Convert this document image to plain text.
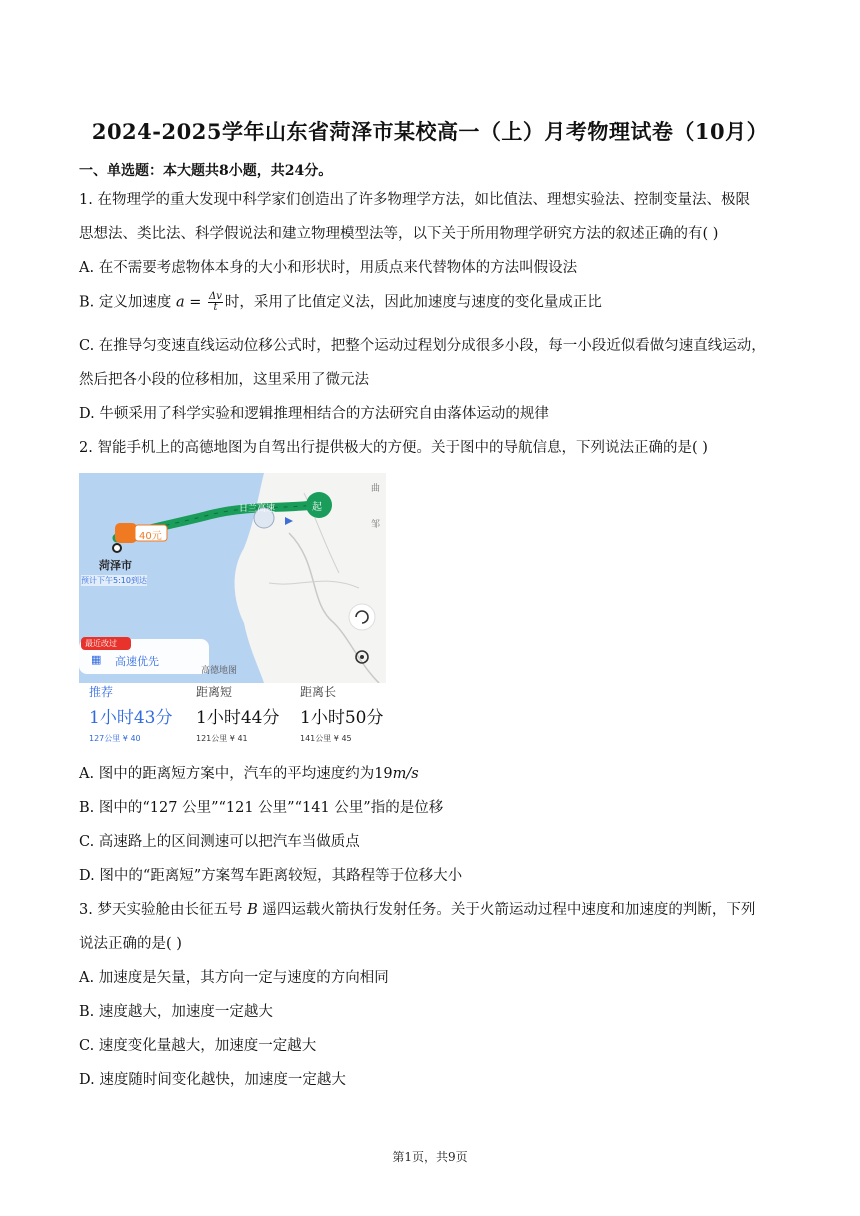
2024-2025学年山东省菏泽市某校高一（上）月考物理试卷（10月）
一、单选题：本大题共8小题，共24分。
1. 在物理学的重大发现中科学家们创造出了许多物理学方法，如比值法、理想实验法、控制变量法、极限
思想法、类比法、科学假说法和建立物理模型法等，以下关于所用物理学研究方法的叙述正确的有( )
A. 在不需要考虑物体本身的大小和形状时，用质点来代替物体的方法叫假设法
B. 定义加速度 $a = \frac{\Delta v}{t}$ 时，采用了比值定义法，因此加速度与速度的变化量成正比
C. 在推导匀变速直线运动位移公式时，把整个运动过程划分成很多小段，每一小段近似看做匀速直线运动，
然后把各小段的位移相加，这里采用了微元法
D. 牛顿采用了科学实验和逻辑推理相结合的方法研究自由落体运动的规律
2. 智能手机上的高德地图为自驾出行提供极大的方便。关于图中的导航信息，下列说法正确的是( )
40元
菏泽市
预计下午5:10到达
起
日兰高速
曲
邹
最近改过
▦ 高速优先
高德地图
推荐
1小时43分
127公里 ¥ 40
距离短
1小时44分
121公里 ¥ 41
距离长
1小时50分
141公里 ¥ 45
A. 图中的距离短方案中，汽车的平均速度约为19m/s
B. 图中的“127 公里”“121 公里”“141 公里”指的是位移
C. 高速路上的区间测速可以把汽车当做质点
D. 图中的“距离短”方案驾车距离较短，其路程等于位移大小
3. 梦天实验舱由长征五号 B 遥四运载火箭执行发射任务。关于火箭运动过程中速度和加速度的判断，下列
说法正确的是( )
A. 加速度是矢量，其方向一定与速度的方向相同
B. 速度越大，加速度一定越大
C. 速度变化量越大，加速度一定越大
D. 速度随时间变化越快，加速度一定越大
第1页，共9页
